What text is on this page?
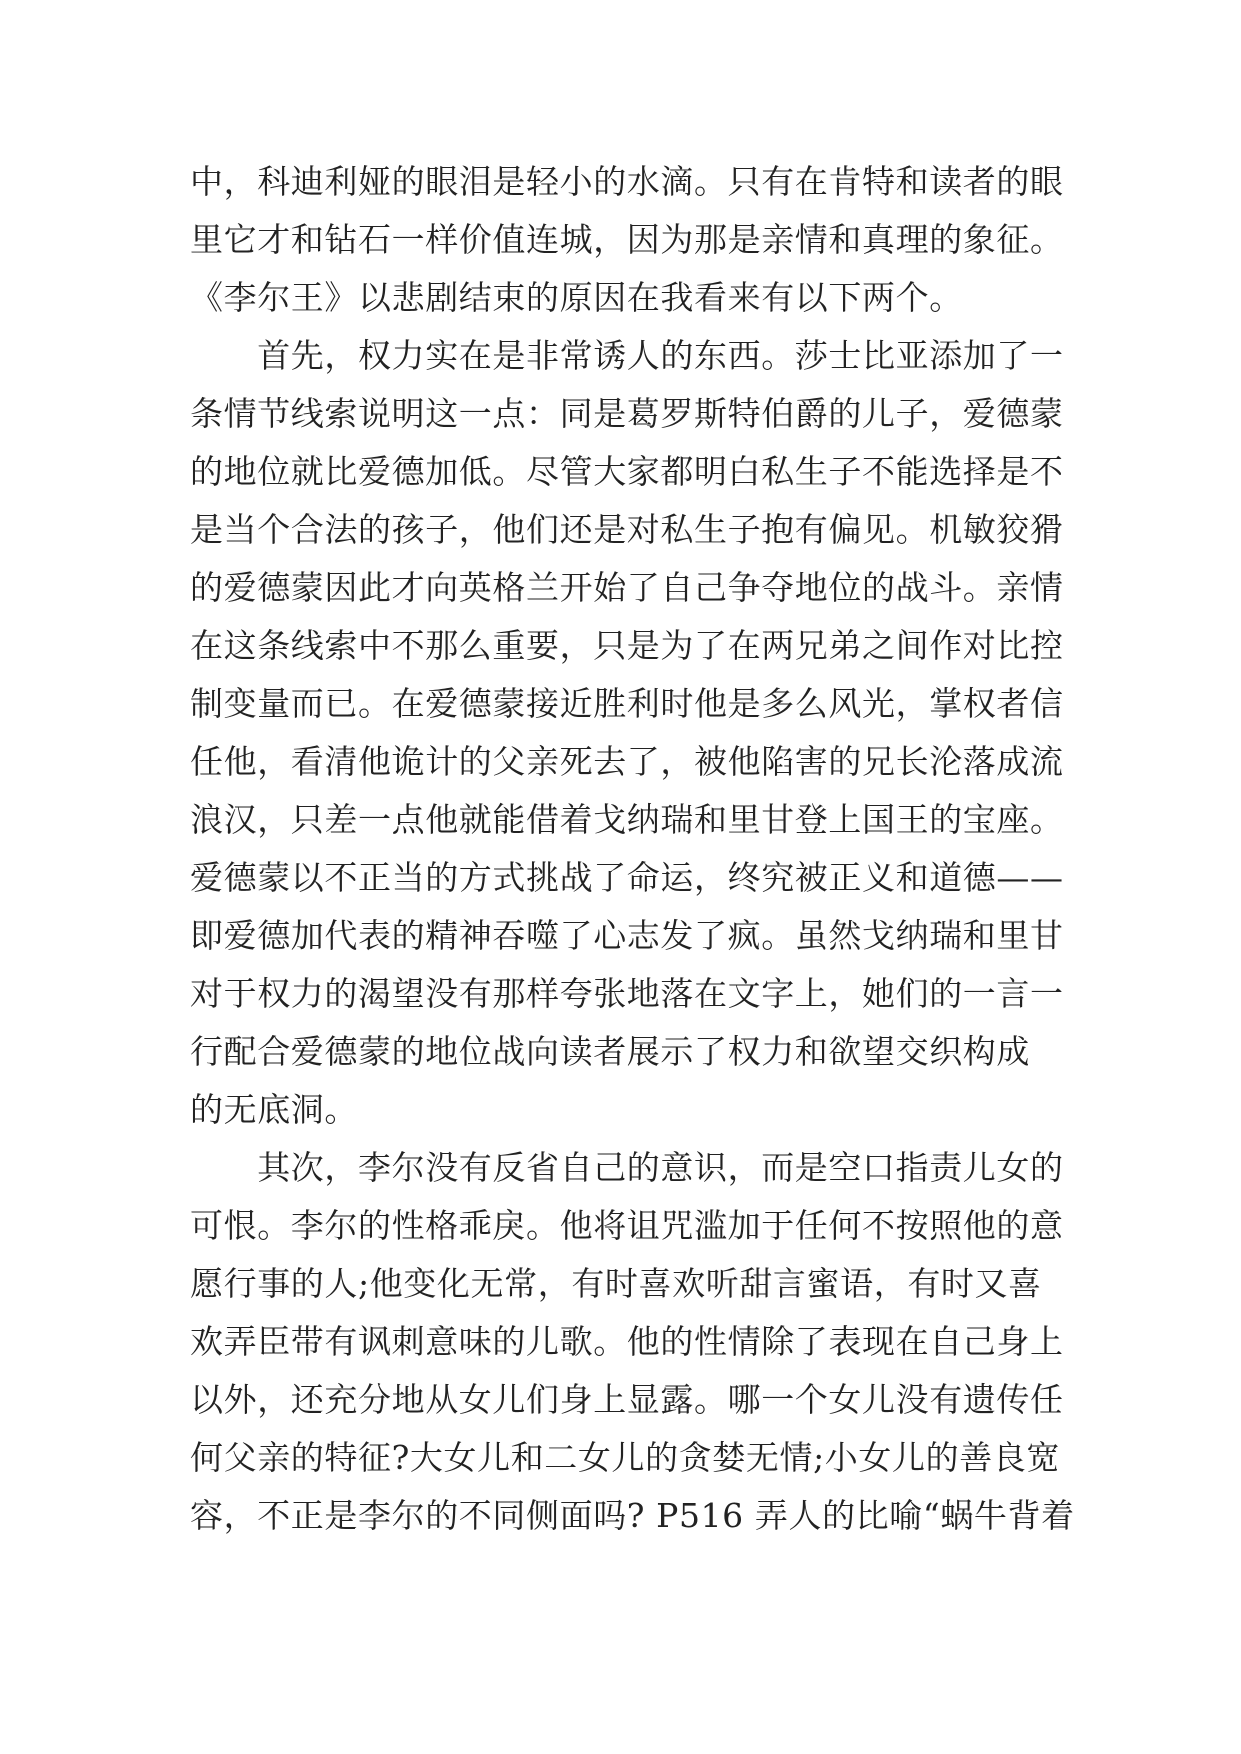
中，科迪利娅的眼泪是轻小的水滴。只有在肯特和读者的眼
里它才和钻石一样价值连城，因为那是亲情和真理的象征。
《李尔王》以悲剧结束的原因在我看来有以下两个。
　　首先，权力实在是非常诱人的东西。莎士比亚添加了一
条情节线索说明这一点：同是葛罗斯特伯爵的儿子，爱德蒙
的地位就比爱德加低。尽管大家都明白私生子不能选择是不
是当个合法的孩子，他们还是对私生子抱有偏见。机敏狡猾
的爱德蒙因此才向英格兰开始了自己争夺地位的战斗。亲情
在这条线索中不那么重要，只是为了在两兄弟之间作对比控
制变量而已。在爱德蒙接近胜利时他是多么风光，掌权者信
任他，看清他诡计的父亲死去了，被他陷害的兄长沦落成流
浪汉，只差一点他就能借着戈纳瑞和里甘登上国王的宝座。
爱德蒙以不正当的方式挑战了命运，终究被正义和道德——
即爱德加代表的精神吞噬了心志发了疯。虽然戈纳瑞和里甘
对于权力的渴望没有那样夸张地落在文字上，她们的一言一
行配合爱德蒙的地位战向读者展示了权力和欲望交织构成
的无底洞。
　　其次，李尔没有反省自己的意识，而是空口指责儿女的
可恨。李尔的性格乖戾。他将诅咒滥加于任何不按照他的意
愿行事的人;他变化无常，有时喜欢听甜言蜜语，有时又喜
欢弄臣带有讽刺意味的儿歌。他的性情除了表现在自己身上
以外，还充分地从女儿们身上显露。哪一个女儿没有遗传任
何父亲的特征?大女儿和二女儿的贪婪无情;小女儿的善良宽
容，不正是李尔的不同侧面吗? P516 弄人的比喻“蜗牛背着
